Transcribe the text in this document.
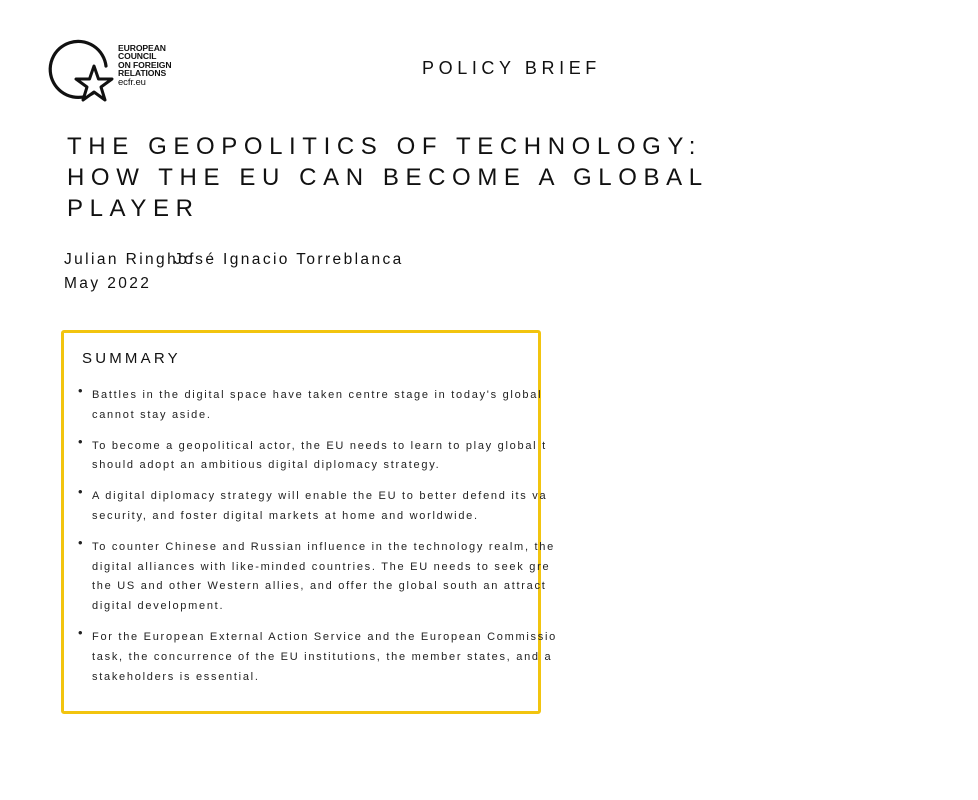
EUROPEAN
COUNCIL
ON FOREIGN
RELATIONS
ecfr.eu
POLICY BRIEF
THE GEOPOLITICS OF TECHNOLOGY:
HOW THE EU CAN BECOME A GLOBAL
PLAYER
Julian Ringhof
José Ignacio Torreblanca
May 2022
SUMMARY
• Battles in the digital space have taken centre stage in today's global
cannot stay aside.
• To become a geopolitical actor, the EU needs to learn to play global t
should adopt an ambitious digital diplomacy strategy.
• A digital diplomacy strategy will enable the EU to better defend its va
security, and foster digital markets at home and worldwide.
• To counter Chinese and Russian influence in the technology realm, the
digital alliances with like-minded countries. The EU needs to seek gre
the US and other Western allies, and offer the global south an attract
digital development.
• For the European External Action Service and the European Commissio
task, the concurrence of the EU institutions, the member states, and a
stakeholders is essential.
